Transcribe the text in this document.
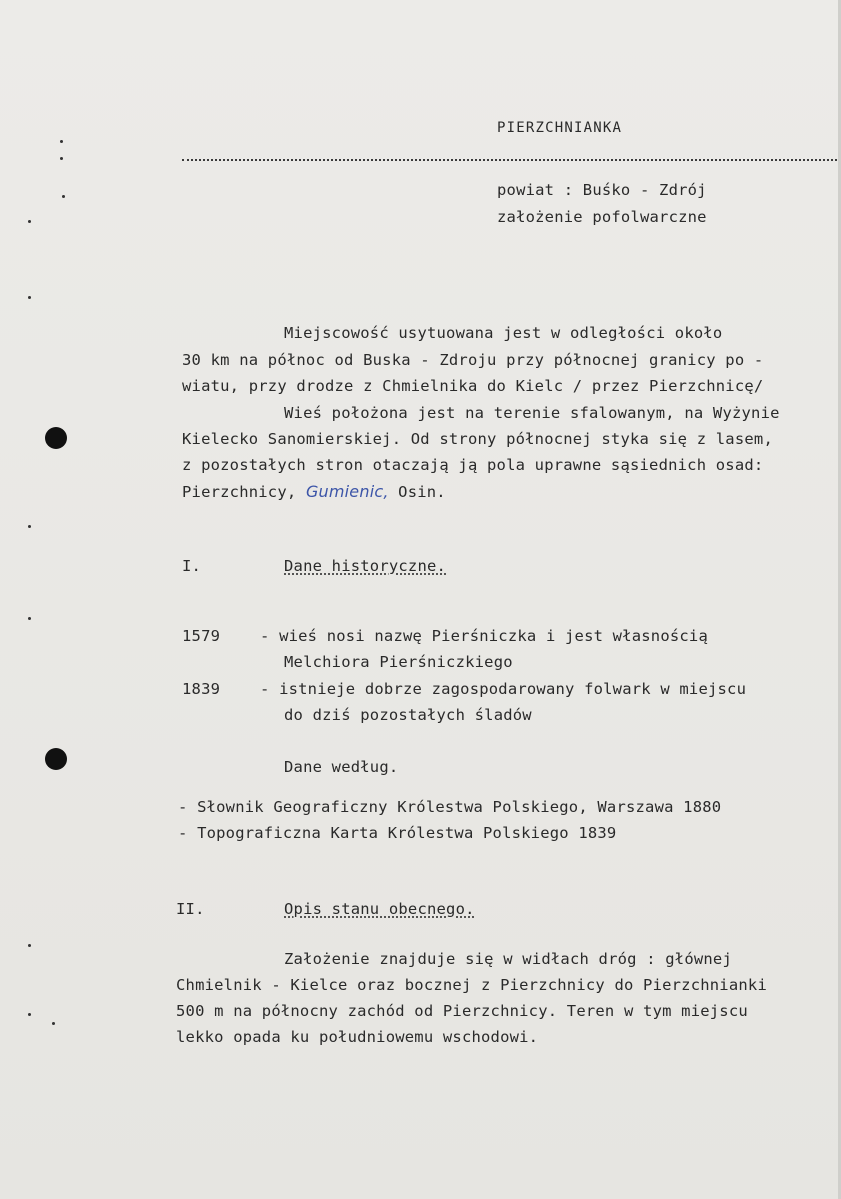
PIERZCHNIANKA
powiat : Buśko - Zdrój
założenie pofolwarczne
Miejscowość usytuowana jest w odległości około
30 km na północ od Buska - Zdroju przy północnej granicy po -
wiatu, przy drodze z Chmielnika do Kielc / przez Pierzchnicę/
Wieś położona jest na terenie sfalowanym, na Wyżynie
Kielecko Sanomierskiej. Od strony północnej styka się z lasem,
z pozostałych stron otaczają ją pola uprawne sąsiednich osad:
Pierzchnicy, Gumienic, Osin.
I.	Dane historyczne.
1579	- wieś nosi nazwę Pierśniczka i jest własnością
Melchiora Pierśniczkiego
1839	- istnieje dobrze zagospodarowany folwark w miejscu
do dziś pozostałych śladów
Dane według.
- Słownik Geograficzny Królestwa Polskiego, Warszawa 1880
- Topograficzna Karta Królestwa Polskiego 1839
II.	Opis stanu obecnego.
Założenie znajduje się w widłach dróg : głównej
Chmielnik - Kielce oraz bocznej z Pierzchnicy do Pierzchnianki
500 m na północny zachód od Pierzchnicy. Teren w tym miejscu
lekko opada ku południowemu wschodowi.
